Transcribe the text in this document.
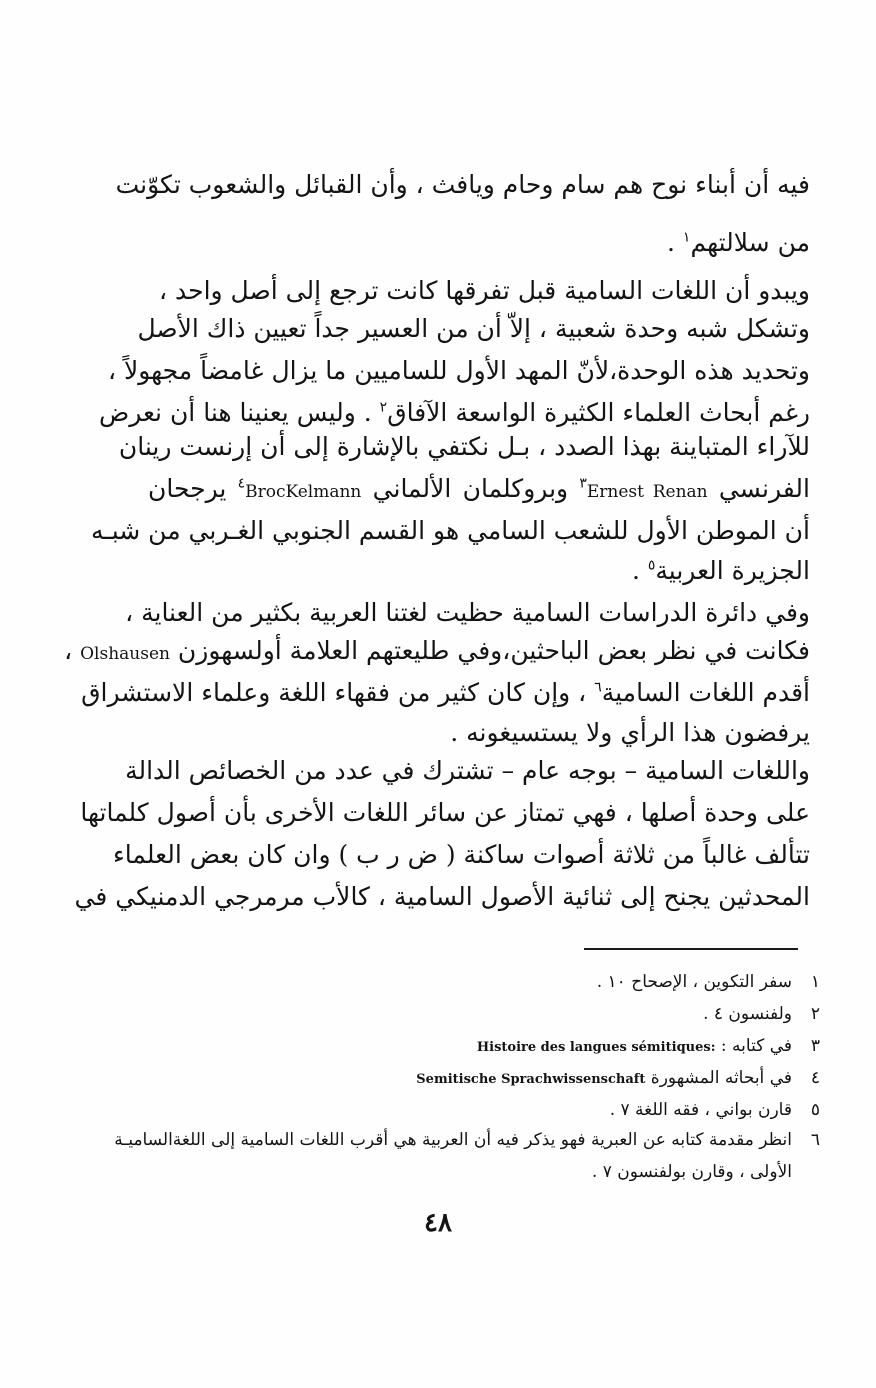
فيه أن أبناء نوح هم سام وحام ويافث ، وأن القبائل والشعوب تكوّنت
من سلالتهم$^١$ .
ويبدو أن اللغات السامية قبل تفرقها كانت ترجع إلى أصل واحد ،
وتشكل شبه وحدة شعبية ، إلاّ أن من العسير جداً تعيين ذاك الأصل
وتحديد هذه الوحدة،لأنّ المهد الأول للساميين ما يزال غامضاً مجهولاً ،
رغم أبحاث العلماء الكثيرة الواسعة الآفاق$^٢$ . وليس يعنينا هنا أن نعرض
للآراء المتباينة بهذا الصدد ، بـل نكتفي بالإشارة إلى أن إرنست رينان
الفرنسي Ernest Renan$^٣$ وبروكلمان الألماني BrocKelmann$^٤$ يرجحان
أن الموطن الأول للشعب السامي هو القسم الجنوبي الغـربي من شبـه
الجزيرة العربية$^٥$ .
وفي دائرة الدراسات السامية حظيت لغتنا العربية بكثير من العناية ،
فكانت في نظر بعض الباحثين،وفي طليعتهم العلامة أولسهوزن Olshausen ،
أقدم اللغات السامية$^٦$ ، وإن كان كثير من فقهاء اللغة وعلماء الاستشراق
يرفضون هذا الرأي ولا يستسيغونه .
واللغات السامية – بوجه عام – تشترك في عدد من الخصائص الدالة
على وحدة أصلها ، فهي تمتاز عن سائر اللغات الأخرى بأن أصول كلماتها
تتألف غالباً من ثلاثة أصوات ساكنة ( ض ر ب ) وان كان بعض العلماء
المحدثين يجنح إلى ثنائية الأصول السامية ، كالأب مرمرجي الدمنيكي في
١سفر التكوين ، الإصحاح ١٠ .
٢ولفنسون ٤ .
٣في كتابه : Histoire des langues sémitiques:
٤في أبحاثه المشهورة Semitische Sprachwissenschaft
٥قارن بواني ، فقه اللغة ٧ .
٦انظر مقدمة كتابه عن العبرية فهو يذكر فيه أن العربية هي أقرب اللغات السامية إلى اللغةالساميـة
الأولى ، وقارن بولفنسون ٧ .
٤٨
